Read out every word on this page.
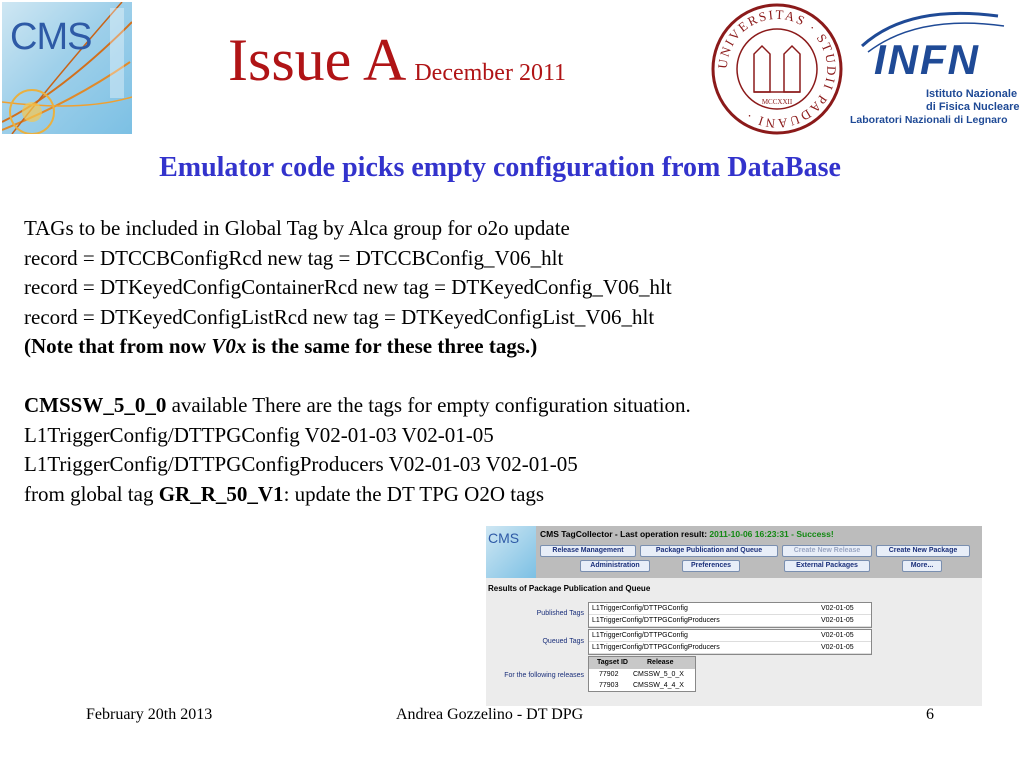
CMS Issue A December 2011	UNIVERSITAS · STUDII PADUANI ·
MCCXXII
INFN
Istituto Nazionale
di Fisica Nucleare
Laboratori Nazionali di Legnaro
Emulator code picks empty configuration from DataBase
TAGs to be included in Global Tag by Alca group for o2o update
record = DTCCBConfigRcd new tag = DTCCBConfig_V06_hlt
record = DTKeyedConfigContainerRcd new tag = DTKeyedConfig_V06_hlt
record = DTKeyedConfigListRcd new tag = DTKeyedConfigList_V06_hlt
(Note that from now V0x is the same for these three tags.)
CMSSW_5_0_0 available There are the tags for empty configuration situation.
L1TriggerConfig/DTTPGConfig V02-01-03 V02-01-05
L1TriggerConfig/DTTPGConfigProducers V02-01-03 V02-01-05
from global tag GR_R_50_V1: update the DT TPG O2O tags
CMS CMS TagCollector - Last operation result: 2011-10-06 16:23:31 - Success!
Release Management	Package Publication and Queue	Create New Release	Create New Package
Administration	Preferences	External Packages	More...
Results of Package Publication and Queue
Published Tags
L1TriggerConfig/DTTPGConfig	V02-01-05
L1TriggerConfig/DTTPGConfigProducers	V02-01-05
Queued Tags
L1TriggerConfig/DTTPGConfig	V02-01-05
L1TriggerConfig/DTTPGConfigProducers	V02-01-05
For the following releases
Tagset ID	Release
77902 CMSSW_5_0_X
77903 CMSSW_4_4_X
February 20th 2013	Andrea Gozzelino - DT DPG	6
